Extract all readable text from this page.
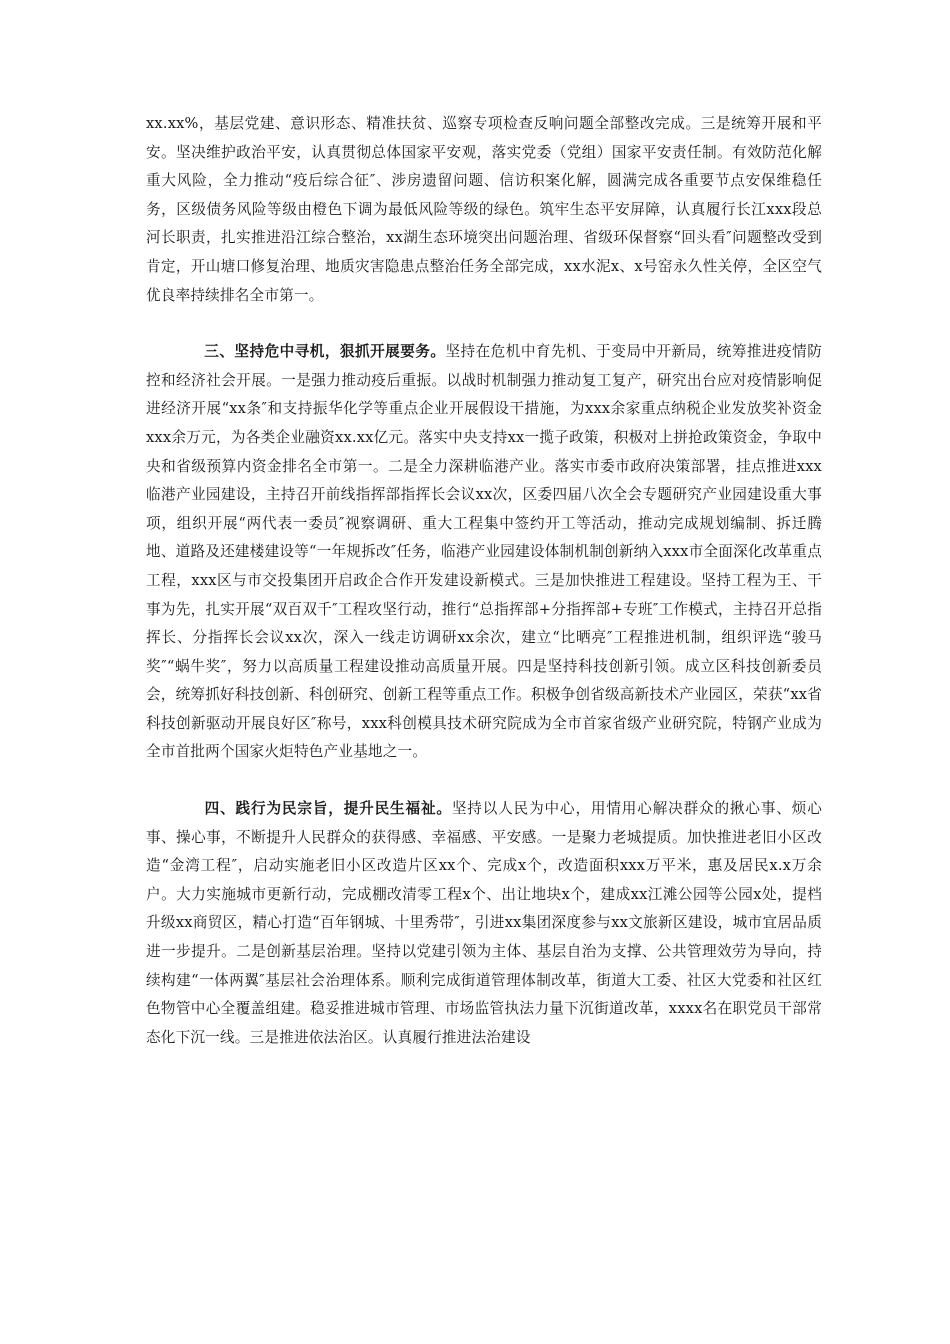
xx.xx%，基层党建、意识形态、精准扶贫、巡察专项检查反响问题全部整改完成。三是统筹开展和平安。坚决维护政治平安，认真贯彻总体国家平安观，落实党委（党组）国家平安责任制。有效防范化解重大风险，全力推动“疫后综合征″、涉房遗留问题、信访积案化解，圆满完成各重要节点安保维稳任务，区级债务风险等级由橙色下调为最低风险等级的绿色。筑牢生态平安屏障，认真履行长江xxx段总河长职责，扎实推进沿江综合整治，xx湖生态环境突出问题治理、省级环保督察“回头看″问题整改受到肯定，开山塘口修复治理、地质灾害隐患点整治任务全部完成，xx水泥x、x号窑永久性关停，全区空气优良率持续排名全市第一。

三、坚持危中寻机，狠抓开展要务。坚持在危机中育先机、于变局中开新局，统筹推进疫情防控和经济社会开展。一是强力推动疫后重振。以战时机制强力推动复工复产，研究出台应对疫情影响促进经济开展“xx条″和支持振华化学等重点企业开展假设干措施，为xxx余家重点纳税企业发放奖补资金xxx余万元，为各类企业融资xx.xx亿元。落实中央支持xx一揽子政策，积极对上拼抢政策资金，争取中央和省级预算内资金排名全市第一。二是全力深耕临港产业。落实市委市政府决策部署，挂点推进xxx临港产业园建设，主持召开前线指挥部指挥长会议xx次，区委四届八次全会专题研究产业园建设重大事项，组织开展“两代表一委员″视察调研、重大工程集中签约开工等活动，推动完成规划编制、拆迁腾地、道路及还建楼建设等“一年规拆改″任务，临港产业园建设体制机制创新纳入xxx市全面深化改革重点工程，xxx区与市交投集团开启政企合作开发建设新模式。三是加快推进工程建设。坚持工程为王、干事为先，扎实开展“双百双千″工程攻坚行动，推行“总指挥部+分指挥部+专班″工作模式，主持召开总指挥长、分指挥长会议xx次，深入一线走访调研xx余次，建立“比晒亮″工程推进机制，组织评选“骏马奖″“蜗牛奖″，努力以高质量工程建设推动高质量开展。四是坚持科技创新引领。成立区科技创新委员会，统筹抓好科技创新、科创研究、创新工程等重点工作。积极争创省级高新技术产业园区，荣获“xx省科技创新驱动开展良好区″称号，xxx科创模具技术研究院成为全市首家省级产业研究院，特钢产业成为全市首批两个国家火炬特色产业基地之一。

四、践行为民宗旨，提升民生福祉。坚持以人民为中心，用情用心解决群众的揪心事、烦心事、操心事，不断提升人民群众的获得感、幸福感、平安感。一是聚力老城提质。加快推进老旧小区改造“金湾工程″，启动实施老旧小区改造片区xx个、完成x个，改造面积xxx万平米，惠及居民x.x万余户。大力实施城市更新行动，完成棚改清零工程x个、出让地块x个，建成xx江滩公园等公园x处，提档升级xx商贸区，精心打造“百年钢城、十里秀带″，引进xx集团深度参与xx文旅新区建设，城市宜居品质进一步提升。二是创新基层治理。坚持以党建引领为主体、基层自治为支撑、公共管理效劳为导向，持续构建“一体两翼″基层社会治理体系。顺利完成街道管理体制改革，街道大工委、社区大党委和社区红色物管中心全覆盖组建。稳妥推进城市管理、市场监管执法力量下沉街道改革，xxxx名在职党员干部常态化下沉一线。三是推进依法治区。认真履行推进法治建设
